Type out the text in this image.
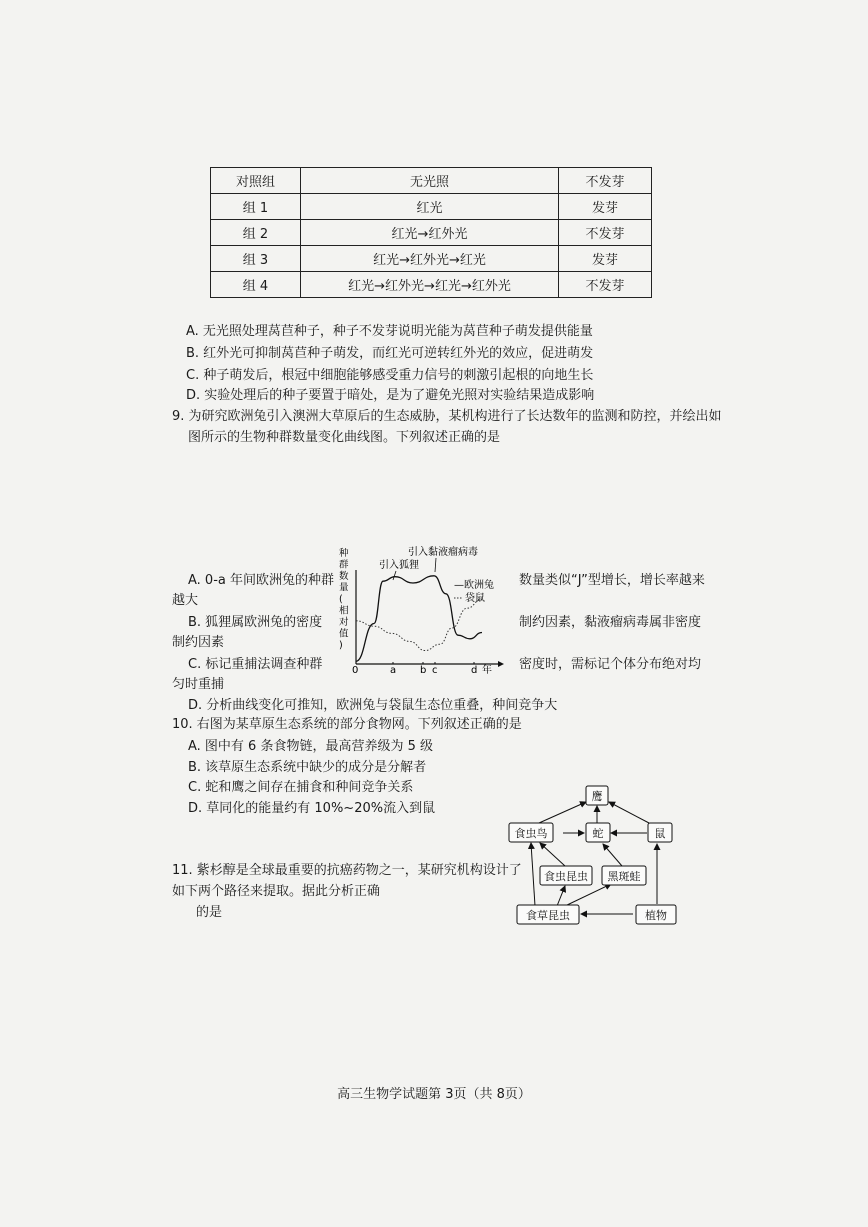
对照组	无光照	不发芽
组 1	红光	发芽
组 2	红光→红外光	不发芽
组 3	红光→红外光→红光	发芽
组 4	红光→红外光→红光→红外光	不发芽
A. 无光照处理莴苣种子，种子不发芽说明光能为莴苣种子萌发提供能量
B. 红外光可抑制莴苣种子萌发，而红光可逆转红外光的效应，促进萌发
C. 种子萌发后，根冠中细胞能够感受重力信号的刺激引起根的向地生长
D. 实验处理后的种子要置于暗处，是为了避免光照对实验结果造成影响
9. 为研究欧洲兔引入澳洲大草原后的生态威胁，某机构进行了长达数年的监测和防控，并绘出如
图所示的生物种群数量变化曲线图。下列叙述正确的是
A. 0-a 年间欧洲兔的种群	数量类似“J”型增长，增长率越来
越大
B. 狐狸属欧洲兔的密度	制约因素，黏液瘤病毒属非密度
制约因素
C. 标记重捕法调查种群	密度时，需标记个体分布绝对均
匀时重捕
D. 分析曲线变化可推知，欧洲兔与袋鼠生态位重叠，种间竞争大
种
群
数
量
(
相
对
值
)
引入狐狸
引入黏液瘤病毒
—欧洲兔
袋鼠
0	a b c	d 年
10. 右图为某草原生态系统的部分食物网。下列叙述正确的是
A. 图中有 6 条食物链，最高营养级为 5 级
B. 该草原生态系统中缺少的成分是分解者
C. 蛇和鹰之间存在捕食和种间竞争关系
D. 草同化的能量约有 10%~20%流入到鼠
鹰
食虫鸟	蛇	鼠
食虫昆虫 黑斑蛙
食草昆虫	植物
11. 紫杉醇是全球最重要的抗癌药物之一，某研究机构设计了
如下两个路径来提取。据此分析正确
的是
高三生物学试题第 3页（共 8页）
